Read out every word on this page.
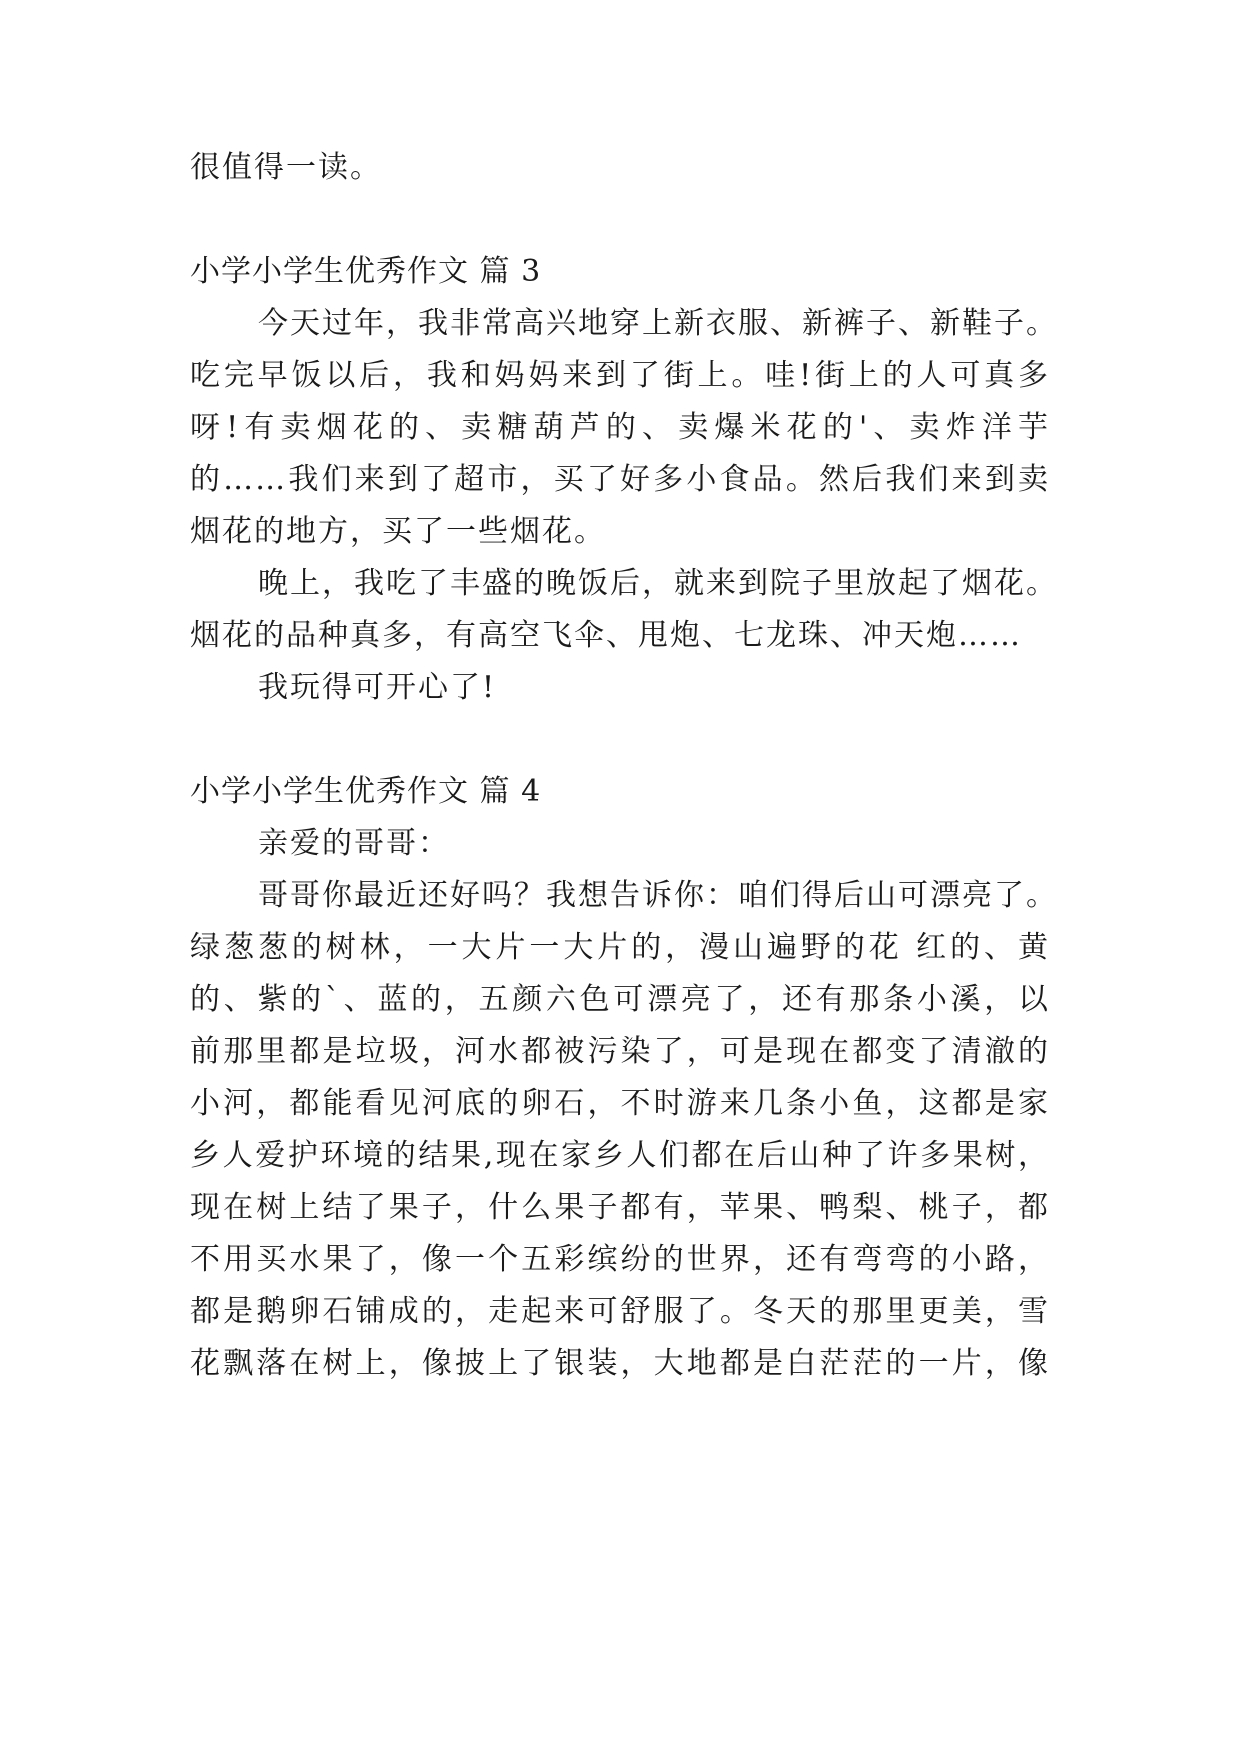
很值得一读。
小学小学生优秀作文 篇 3
今天过年，我非常高兴地穿上新衣服、新裤子、新鞋子。
吃完早饭以后，我和妈妈来到了街上。哇!街上的人可真多
呀!有卖烟花的、卖糖葫芦的、卖爆米花的'、卖炸洋芋
的……我们来到了超市，买了好多小食品。然后我们来到卖
烟花的地方，买了一些烟花。
晚上，我吃了丰盛的晚饭后，就来到院子里放起了烟花。
烟花的品种真多，有高空飞伞、甩炮、七龙珠、冲天炮……
我玩得可开心了!
小学小学生优秀作文 篇 4
亲爱的哥哥：
哥哥你最近还好吗？我想告诉你：咱们得后山可漂亮了。
绿葱葱的树林，一大片一大片的，漫山遍野的花 红的、黄
的、紫的`、蓝的，五颜六色可漂亮了，还有那条小溪，以
前那里都是垃圾，河水都被污染了，可是现在都变了清澈的
小河，都能看见河底的卵石，不时游来几条小鱼，这都是家
乡人爱护环境的结果,现在家乡人们都在后山种了许多果树，
现在树上结了果子，什么果子都有，苹果、鸭梨、桃子，都
不用买水果了，像一个五彩缤纷的世界，还有弯弯的小路，
都是鹅卵石铺成的，走起来可舒服了。冬天的那里更美，雪
花飘落在树上，像披上了银装，大地都是白茫茫的一片，像
